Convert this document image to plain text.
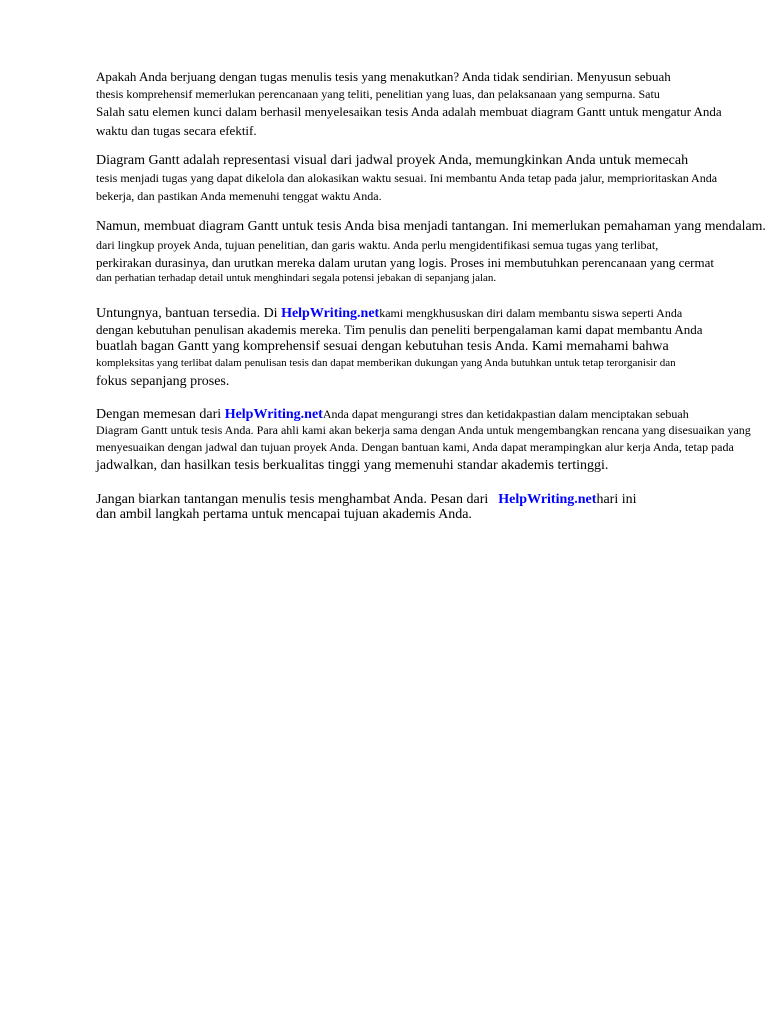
Apakah Anda berjuang dengan tugas menulis tesis yang menakutkan? Anda tidak sendirian. Menyusun sebuah
thesis komprehensif memerlukan perencanaan yang teliti, penelitian yang luas, dan pelaksanaan yang sempurna. Satu
Salah satu elemen kunci dalam berhasil menyelesaikan tesis Anda adalah membuat diagram Gantt untuk mengatur Anda
waktu dan tugas secara efektif.
Diagram Gantt adalah representasi visual dari jadwal proyek Anda, memungkinkan Anda untuk memecah
tesis menjadi tugas yang dapat dikelola dan alokasikan waktu sesuai. Ini membantu Anda tetap pada jalur, memprioritaskan Anda
bekerja, dan pastikan Anda memenuhi tenggat waktu Anda.
Namun, membuat diagram Gantt untuk tesis Anda bisa menjadi tantangan. Ini memerlukan pemahaman yang mendalam.
dari lingkup proyek Anda, tujuan penelitian, dan garis waktu. Anda perlu mengidentifikasi semua tugas yang terlibat,
perkirakan durasinya, dan urutkan mereka dalam urutan yang logis. Proses ini membutuhkan perencanaan yang cermat
dan perhatian terhadap detail untuk menghindari segala potensi jebakan di sepanjang jalan.
Untungnya, bantuan tersedia. Di HelpWriting.netkami mengkhususkan diri dalam membantu siswa seperti Anda
dengan kebutuhan penulisan akademis mereka. Tim penulis dan peneliti berpengalaman kami dapat membantu Anda
buatlah bagan Gantt yang komprehensif sesuai dengan kebutuhan tesis Anda. Kami memahami bahwa
kompleksitas yang terlibat dalam penulisan tesis dan dapat memberikan dukungan yang Anda butuhkan untuk tetap terorganisir dan
fokus sepanjang proses.
Dengan memesan dari HelpWriting.netAnda dapat mengurangi stres dan ketidakpastian dalam menciptakan sebuah
Diagram Gantt untuk tesis Anda. Para ahli kami akan bekerja sama dengan Anda untuk mengembangkan rencana yang disesuaikan yang
menyesuaikan dengan jadwal dan tujuan proyek Anda. Dengan bantuan kami, Anda dapat merampingkan alur kerja Anda, tetap pada
jadwalkan, dan hasilkan tesis berkualitas tinggi yang memenuhi standar akademis tertinggi.
Jangan biarkan tantangan menulis tesis menghambat Anda. Pesan dari HelpWriting.nethari ini
dan ambil langkah pertama untuk mencapai tujuan akademis Anda.
